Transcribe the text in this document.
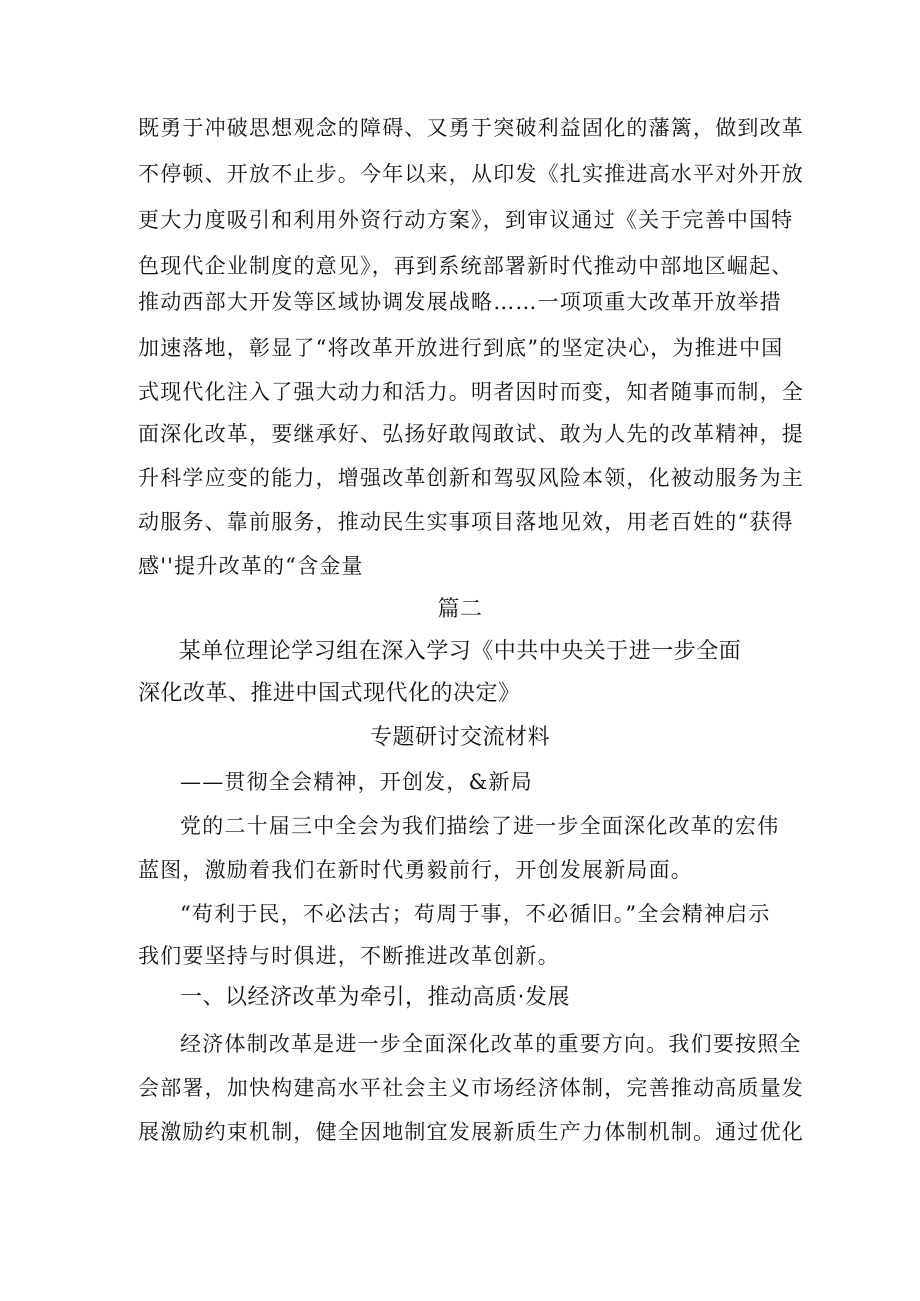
既勇于冲破思想观念的障碍、又勇于突破利益固化的藩篱，做到改革
不停顿、开放不止步。今年以来，从印发《扎实推进高水平对外开放
更大力度吸引和利用外资行动方案》，到审议通过《关于完善中国特
色现代企业制度的意见》，再到系统部署新时代推动中部地区崛起、
推动西部大开发等区域协调发展战略……一项项重大改革开放举措
加速落地，彰显了“将改革开放进行到底”的坚定决心，为推进中国
式现代化注入了强大动力和活力。明者因时而变，知者随事而制，全
面深化改革，要继承好、弘扬好敢闯敢试、敢为人先的改革精神，提
升科学应变的能力，增强改革创新和驾驭风险本领，化被动服务为主
动服务、靠前服务，推动民生实事项目落地见效，用老百姓的“获得
感''提升改革的“含金量
篇二
某单位理论学习组在深入学习《中共中央关于进一步全面
深化改革、推进中国式现代化的决定》
专题研讨交流材料
——贯彻全会精神，开创发，&新局
党的二十届三中全会为我们描绘了进一步全面深化改革的宏伟
蓝图，激励着我们在新时代勇毅前行，开创发展新局面。
“苟利于民，不必法古；苟周于事，不必循旧。”全会精神启示
我们要坚持与时俱进，不断推进改革创新。
一、以经济改革为牵引，推动高质·发展
经济体制改革是进一步全面深化改革的重要方向。我们要按照全
会部署，加快构建高水平社会主义市场经济体制，完善推动高质量发
展激励约束机制，健全因地制宜发展新质生产力体制机制。通过优化
